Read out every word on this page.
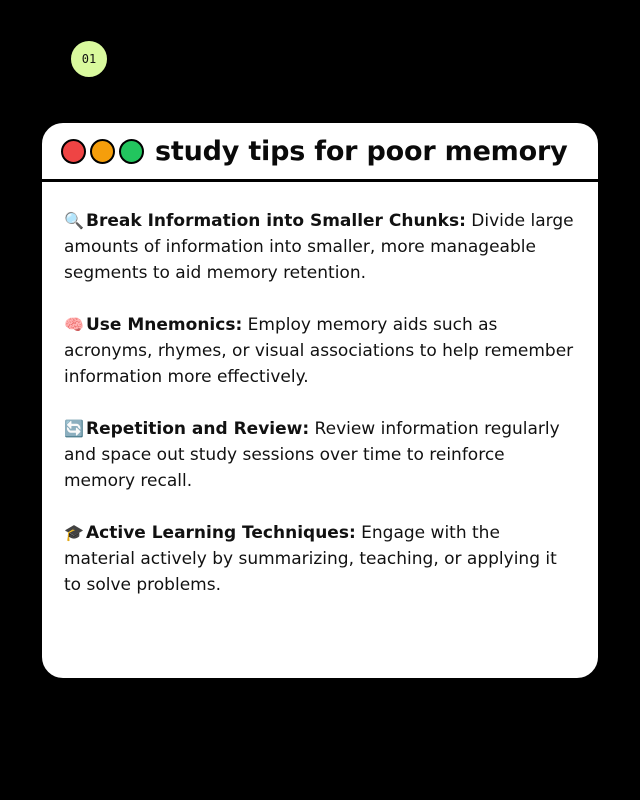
01
study tips for poor memory

🔍 Break Information into Smaller Chunks: Divide large amounts of information into smaller, more manageable segments to aid memory retention.

🧠 Use Mnemonics: Employ memory aids such as acronyms, rhymes, or visual associations to help remember information more effectively.

🔄 Repetition and Review: Review information regularly and space out study sessions over time to reinforce memory recall.

🎓 Active Learning Techniques: Engage with the material actively by summarizing, teaching, or applying it to solve problems.
